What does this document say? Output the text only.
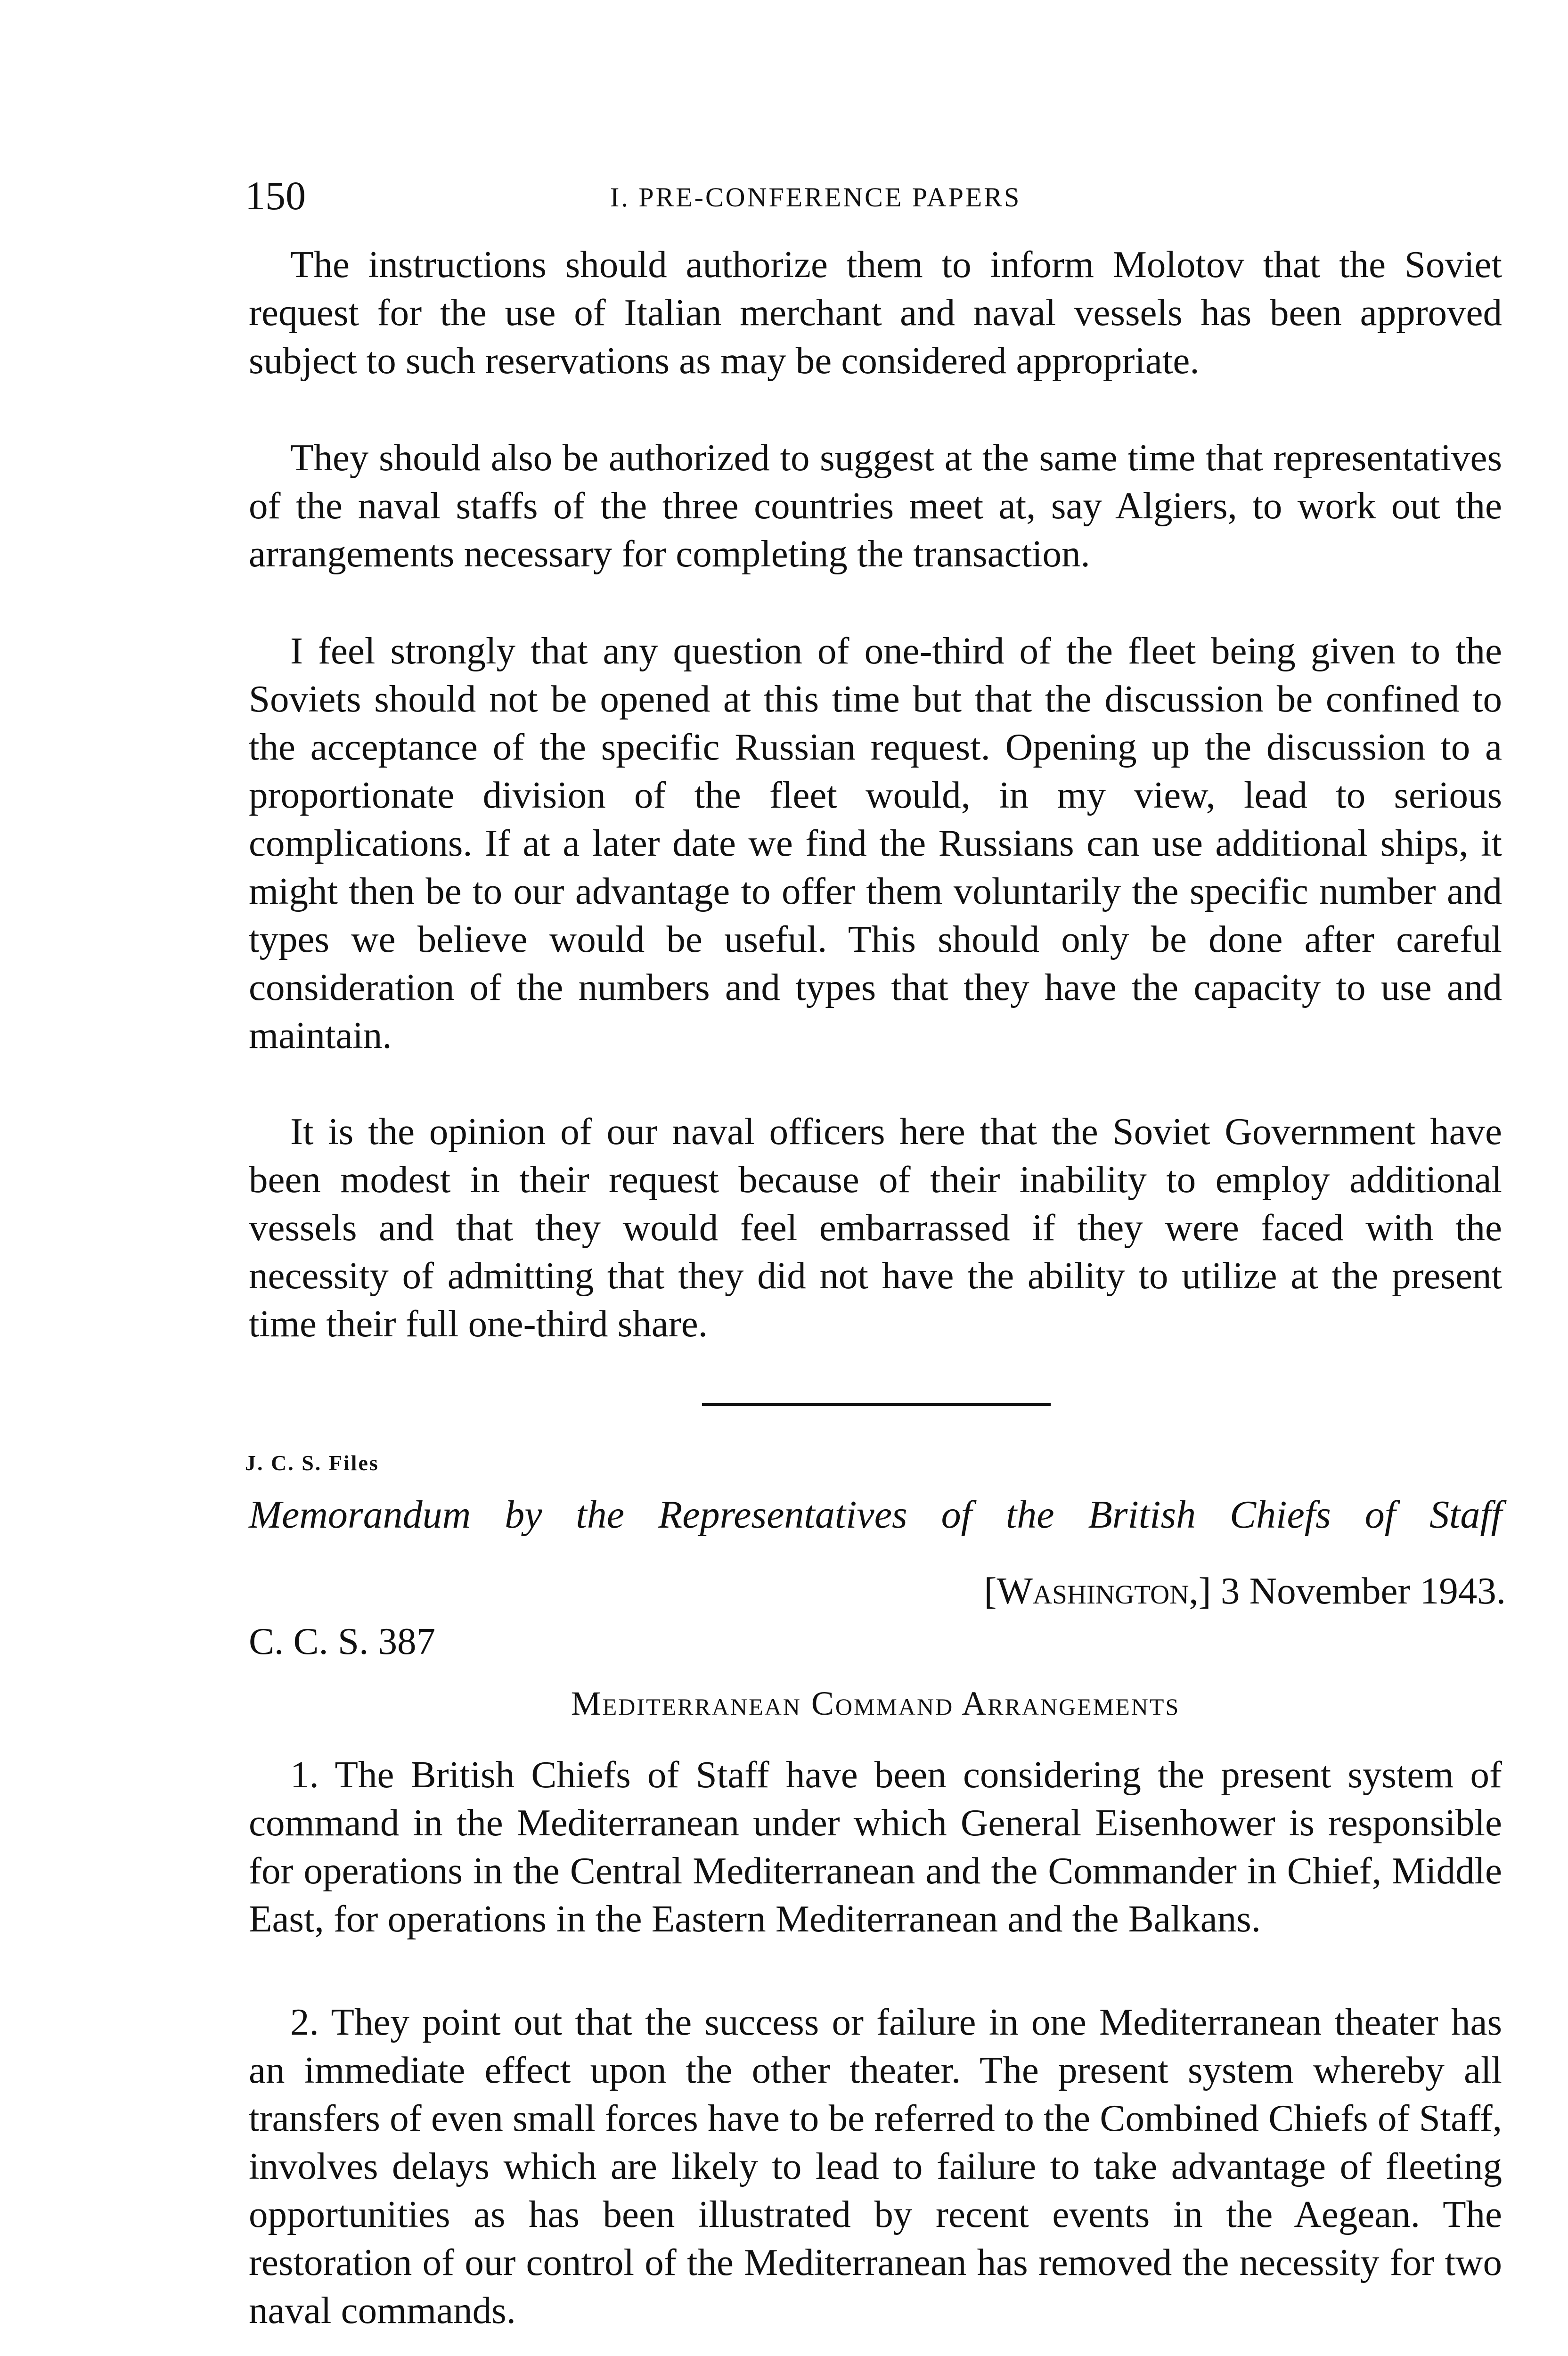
150	I. PRE-CONFERENCE PAPERS

The instructions should authorize them to inform Molotov that the Soviet request for the use of Italian merchant and naval vessels has been approved subject to such reservations as may be considered appropriate.

They should also be authorized to suggest at the same time that representatives of the naval staffs of the three countries meet at, say Algiers, to work out the arrangements necessary for completing the transaction.

I feel strongly that any question of one-third of the fleet being given to the Soviets should not be opened at this time but that the discussion be confined to the acceptance of the specific Russian request. Opening up the discussion to a proportionate division of the fleet would, in my view, lead to serious complications. If at a later date we find the Russians can use additional ships, it might then be to our advantage to offer them voluntarily the specific number and types we believe would be useful. This should only be done after careful consideration of the numbers and types that they have the capacity to use and maintain.

It is the opinion of our naval officers here that the Soviet Government have been modest in their request because of their inability to employ additional vessels and that they would feel embarrassed if they were faced with the necessity of admitting that they did not have the ability to utilize at the present time their full one-third share.

J. C. S. Files
Memorandum by the Representatives of the British Chiefs of Staff
[Washington,] 3 November 1943.
C. C. S. 387
Mediterranean Command Arrangements

1. The British Chiefs of Staff have been considering the present system of command in the Mediterranean under which General Eisenhower is responsible for operations in the Central Mediterranean and the Commander in Chief, Middle East, for operations in the Eastern Mediterranean and the Balkans.

2. They point out that the success or failure in one Mediterranean theater has an immediate effect upon the other theater. The present system whereby all transfers of even small forces have to be referred to the Combined Chiefs of Staff, involves delays which are likely to lead to failure to take advantage of fleeting opportunities as has been illustrated by recent events in the Aegean. The restoration of our control of the Mediterranean has removed the necessity for two naval commands.
